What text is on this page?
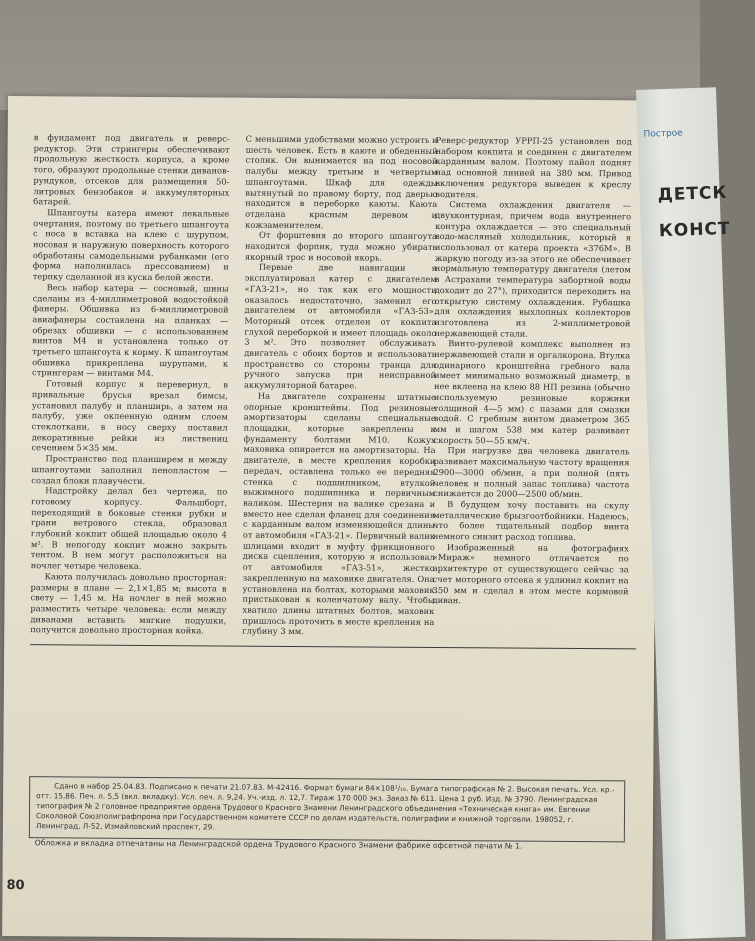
в фундамент под двигатель и реверс-редуктор. Эти стрингеры обеспечивают продольную жесткость корпуса, а кроме того, образуют продольные стенки диванов-рундуков, отсеков для размещения 50-литровых бензобаков и аккумуляторных батарей.

Шпангоуты катера имеют лекальные очертания, поэтому по третьего шпангоута с носа в вставка на клею с шурупом, носовая и наружную поверхность которого обработаны самодельными рубанками (его форма наполнилась прессованием) и терпку сделанной из куска белой жести.

Весь набор катера — сосновый, шины сделаны из 4-миллиметровой водостойкой фанеры. Обшивка из 6-миллиметровой авиафанеры составлена на планках — обрезах обшивки — с использованием винтов М4 и установлена только от третьего шпангоута к корму. К шпангоутам обшивка прикреплена шурупами, к стрингерам — винтами М4.

Готовый корпус я перевернул, в привальные брусья врезал бимсы, установил палубу и планширь, а затем на палубу, уже оклеенную одним слоем стеклоткани, в носу сверху поставил декоративные рейки из листвениц сечением 5×35 мм.

Пространство под планширем и между шпангоутами заполнил пенопластом — создал блоки плавучести.

Надстройку делал без чертежа, по готовому корпусу. Фальшборт, переходящий в боковые стенки рубки и грани ветрового стекла, образовал глубокий кокпит общей площадью около 4 м². В непогоду кокпит можно закрыть тентом. В нем могут расположиться на ночлег четыре человека.

Каюта получилась довольно просторная: размеры в плане — 2,1×1,85 м; высота в свету — 1,45 м. На ночлег в ней можно разместить четыре человека: если между диванами вставить мягкие подушки, получится довольно просторная койка.

С меньшими удобствами можно устроить и шесть человек. Есть в каюте и обеденный столик. Он вынимается на под носовой палубы между третьим и четвертым шпангоутами. Шкаф для одежды вытянутый по правому борту, под дверью находится в переборке каюты. Каюта отделана красным деревом и кожзаменителем.

От форштевня до второго шпангоута находится форпик, туда можно убирать якорный трос и носовой якорь.

Первые две навигации я эксплуатировал катер с двигателем «ГАЗ-21», но так как его мощности оказалось недостаточно, заменил его двигателем от автомобиля «ГАЗ-53». Моторный отсек отделен от кокпита глухой переборкой и имеет площадь около 3 м². Это позволяет обслуживать двигатель с обоих бортов и использовать пространство со стороны транца для ручного запуска при неисправной аккумуляторной батарее.

На двигателе сохранены штатные опорные кронштейны. Под резиновые амортизаторы сделаны специальные площадки, которые закреплены к фундаменту болтами М10. Кожух маховика опирается на амортизаторы. На двигателе, в месте крепления коробки передач, оставлена только ее передняя стенка с подшипником, втулкой выжимного подшипника и первичным валиком. Шестерня на валике срезана и вместо нее сделан фланец для соединения с карданным валом изменяющейся длины от автомобиля «ГАЗ-21». Первичный валик шлицами входит в муфту фрикционного диска сцепления, которую я использовал от автомобиля «ГАЗ-51», жестко закрепленную на маховике двигателя. Она установлена на болтах, которыми маховик пристыкован к коленчатому валу. Чтобы хватило длины штатных болтов, маховик пришлось проточить в месте крепления на глубину 3 мм.

Реверс-редуктор УРРП-25 установлен под набором кокпита и соединен с двигателем карданным валом. Поэтому пайол поднят над основной линией на 380 мм. Привод включения редуктора выведен к креслу водителя.

Система охлаждения двигателя — двухконтурная, причем вода внутреннего контура охлаждается — это специальный водо-масляный холодильник, который я использовал от катера проекта «376М». В жаркую погоду из-за этого не обеспечивает нормальную температуру двигателя (летом в Астрахани температура забортной воды доходит до 27°), приходится переходить на открытую систему охлаждения. Рубашка для охлаждения выхлопных коллекторов изготовлена из 2-миллиметровой нержавеющей стали.

Винто-рулевой комплекс выполнен из нержавеющей стали и оргалкорона. Втулка одинарного кронштейна гребного вала имеет минимально возможный диаметр, в нее вклеена на клею 88 НП резина (обычно используемую резиновые коржики толщиной 4—5 мм) с пазами для смазки водой. С гребным винтом диаметром 365 мм и шагом 538 мм катер развивает скорость 50—55 км/ч.

При нагрузке два человека двигатель развивает максимальную частоту вращения 2900—3000 об/мин, а при полной (пять человек и полный запас топлива) частота снижается до 2000—2500 об/мин.

В будущем хочу поставить на скулу металлические брызгоотбойники. Надеюсь, что более тщательный подбор винта немного снизит расход топлива.

Изображенный на фотографиях «Мираж» немного отличается по архитектуре от существующего сейчас за счет моторного отсека я удлинил кокпит на 350 мм и сделал в этом месте кормовой диван.

Сдано в набор 25.04.83. Подписано к печати 21.07.83. М-42416. Формат бумаги 84×108¹/₁₆. Бумага типографская № 2. Высокая печать. Усл. кр.-отт. 15,86. Печ. л. 5,5 (вкл. вкладку). Усл. печ. л. 9,24. Уч.-изд. л. 12,7. Тираж 170 000 экз. Заказ № 611. Цена 1 руб. Изд. № 3790. Ленинградская типография № 2 головное предприятие ордена Трудового Красного Знамени Ленинградского объединения «Техническая книга» им. Евгении Соколовой Союзполиграфпрома при Государственном комитете СССР по делам издательств, полиграфии и книжной торговли. 198052, г. Ленинград, Л-52, Измайловский проспект, 29.

Обложка и вкладка отпечатаны на Ленинградской ордена Трудового Красного Знамени фабрике офсетной печати № 1.
80
Построе
ДЕТСК
КОНСТ
